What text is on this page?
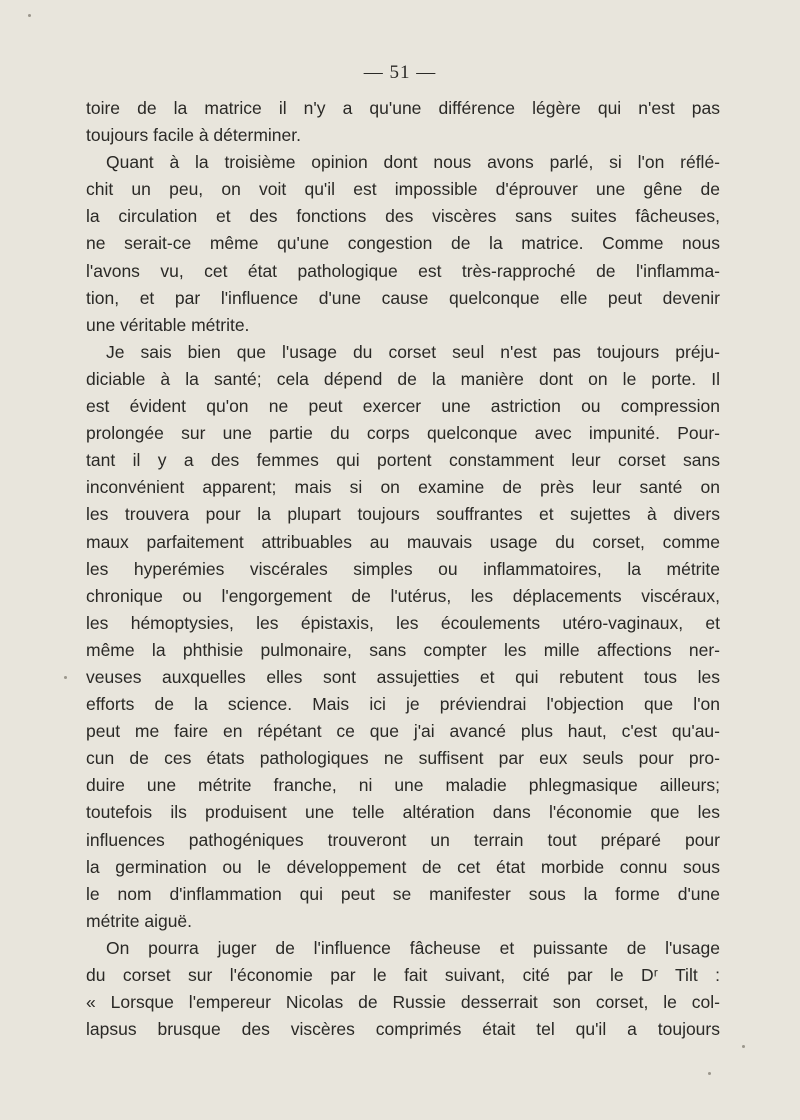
— 51 —
toire de la matrice il n'y a qu'une différence légère qui n'est pas
toujours facile à déterminer.
Quant à la troisième opinion dont nous avons parlé, si l'on réflé-
chit un peu, on voit qu'il est impossible d'éprouver une gêne de
la circulation et des fonctions des viscères sans suites fâcheuses,
ne serait-ce même qu'une congestion de la matrice. Comme nous
l'avons vu, cet état pathologique est très-rapproché de l'inflamma-
tion, et par l'influence d'une cause quelconque elle peut devenir
une véritable métrite.
Je sais bien que l'usage du corset seul n'est pas toujours préju-
diciable à la santé; cela dépend de la manière dont on le porte. Il
est évident qu'on ne peut exercer une astriction ou compression
prolongée sur une partie du corps quelconque avec impunité. Pour-
tant il y a des femmes qui portent constamment leur corset sans
inconvénient apparent; mais si on examine de près leur santé on
les trouvera pour la plupart toujours souffrantes et sujettes à divers
maux parfaitement attribuables au mauvais usage du corset, comme
les hyperémies viscérales simples ou inflammatoires, la métrite
chronique ou l'engorgement de l'utérus, les déplacements viscéraux,
les hémoptysies, les épistaxis, les écoulements utéro-vaginaux, et
même la phthisie pulmonaire, sans compter les mille affections ner-
veuses auxquelles elles sont assujetties et qui rebutent tous les
efforts de la science. Mais ici je préviendrai l'objection que l'on
peut me faire en répétant ce que j'ai avancé plus haut, c'est qu'au-
cun de ces états pathologiques ne suffisent par eux seuls pour pro-
duire une métrite franche, ni une maladie phlegmasique ailleurs;
toutefois ils produisent une telle altération dans l'économie que les
influences pathogéniques trouveront un terrain tout préparé pour
la germination ou le développement de cet état morbide connu sous
le nom d'inflammation qui peut se manifester sous la forme d'une
métrite aiguë.
On pourra juger de l'influence fâcheuse et puissante de l'usage
du corset sur l'économie par le fait suivant, cité par le Dʳ Tilt :
« Lorsque l'empereur Nicolas de Russie desserrait son corset, le col-
lapsus brusque des viscères comprimés était tel qu'il a toujours
